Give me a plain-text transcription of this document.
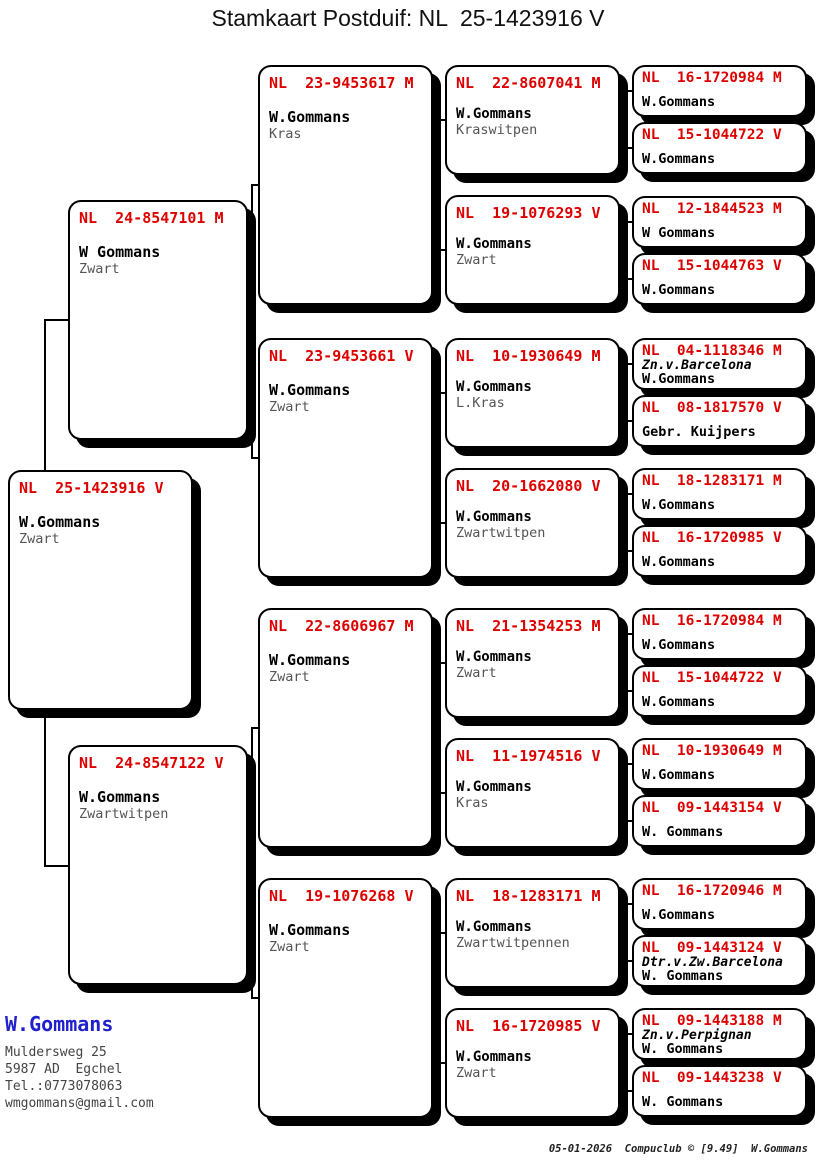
Stamkaart Postduif: NL  25-1423916 V
NL  25-1423916 V
W.Gommans
Zwart
NL  24-8547101 M
W Gommans
Zwart
NL  24-8547122 V
W.Gommans
Zwartwitpen
NL  23-9453617 M
W.Gommans
Kras
NL  23-9453661 V
W.Gommans
Zwart
NL  22-8606967 M
W.Gommans
Zwart
NL  19-1076268 V
W.Gommans
Zwart
NL  22-8607041 M
W.Gommans
Kraswitpen
NL  19-1076293 V
W.Gommans
Zwart
NL  10-1930649 M
W.Gommans
L.Kras
NL  20-1662080 V
W.Gommans
Zwartwitpen
NL  21-1354253 M
W.Gommans
Zwart
NL  11-1974516 V
W.Gommans
Kras
NL  18-1283171 M
W.Gommans
Zwartwitpennen
NL  16-1720985 V
W.Gommans
Zwart
NL  16-1720984 M
W.Gommans
NL  15-1044722 V
W.Gommans
NL  12-1844523 M
W Gommans
NL  15-1044763 V
W.Gommans
NL  04-1118346 M
Zn.v.Barcelona
W.Gommans
NL  08-1817570 V
Gebr. Kuijpers
NL  18-1283171 M
W.Gommans
NL  16-1720985 V
W.Gommans
NL  16-1720984 M
W.Gommans
NL  15-1044722 V
W.Gommans
NL  10-1930649 M
W.Gommans
NL  09-1443154 V
W. Gommans
NL  16-1720946 M
W.Gommans
NL  09-1443124 V
Dtr.v.Zw.Barcelona
W. Gommans
NL  09-1443188 M
Zn.v.Perpignan
W. Gommans
NL  09-1443238 V
W. Gommans
W.Gommans
Muldersweg 25
5987 AD  Egchel
Tel.:0773078063
wmgommans@gmail.com
05-01-2026  Compuclub © [9.49]  W.Gommans
